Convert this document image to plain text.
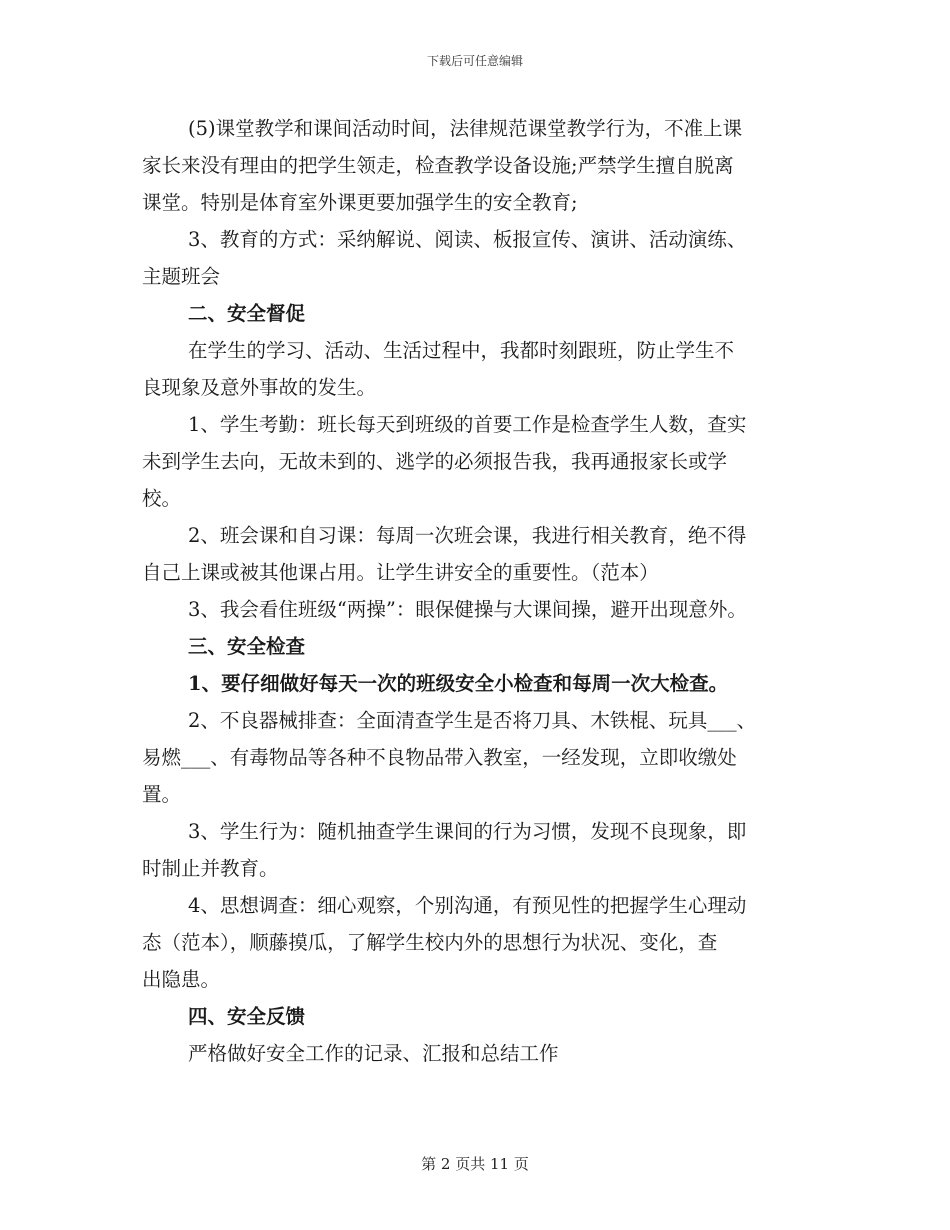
下载后可任意编辑
(5)课堂教学和课间活动时间，法律规范课堂教学行为，不准上课
家长来没有理由的把学生领走，检查教学设备设施;严禁学生擅自脱离
课堂。特别是体育室外课更要加强学生的安全教育;
3、教育的方式：采纳解说、阅读、板报宣传、演讲、活动演练、
主题班会
二、安全督促
在学生的学习、活动、生活过程中，我都时刻跟班，防止学生不
良现象及意外事故的发生。
1、学生考勤：班长每天到班级的首要工作是检查学生人数，查实
未到学生去向，无故未到的、逃学的必须报告我，我再通报家长或学
校。
2、班会课和自习课：每周一次班会课，我进行相关教育，绝不得
自己上课或被其他课占用。让学生讲安全的重要性。（范本）
3、我会看住班级“两操”：眼保健操与大课间操，避开出现意外。
三、安全检查
1、要仔细做好每天一次的班级安全小检查和每周一次大检查。
2、不良器械排查：全面清查学生是否将刀具、木铁棍、玩具___、
易燃___、有毒物品等各种不良物品带入教室，一经发现，立即收缴处
置。
3、学生行为：随机抽查学生课间的行为习惯，发现不良现象，即
时制止并教育。
4、思想调查：细心观察，个别沟通，有预见性的把握学生心理动
态（范本），顺藤摸瓜，了解学生校内外的思想行为状况、变化，查
出隐患。
四、安全反馈
严格做好安全工作的记录、汇报和总结工作
第 2 页共 11 页
